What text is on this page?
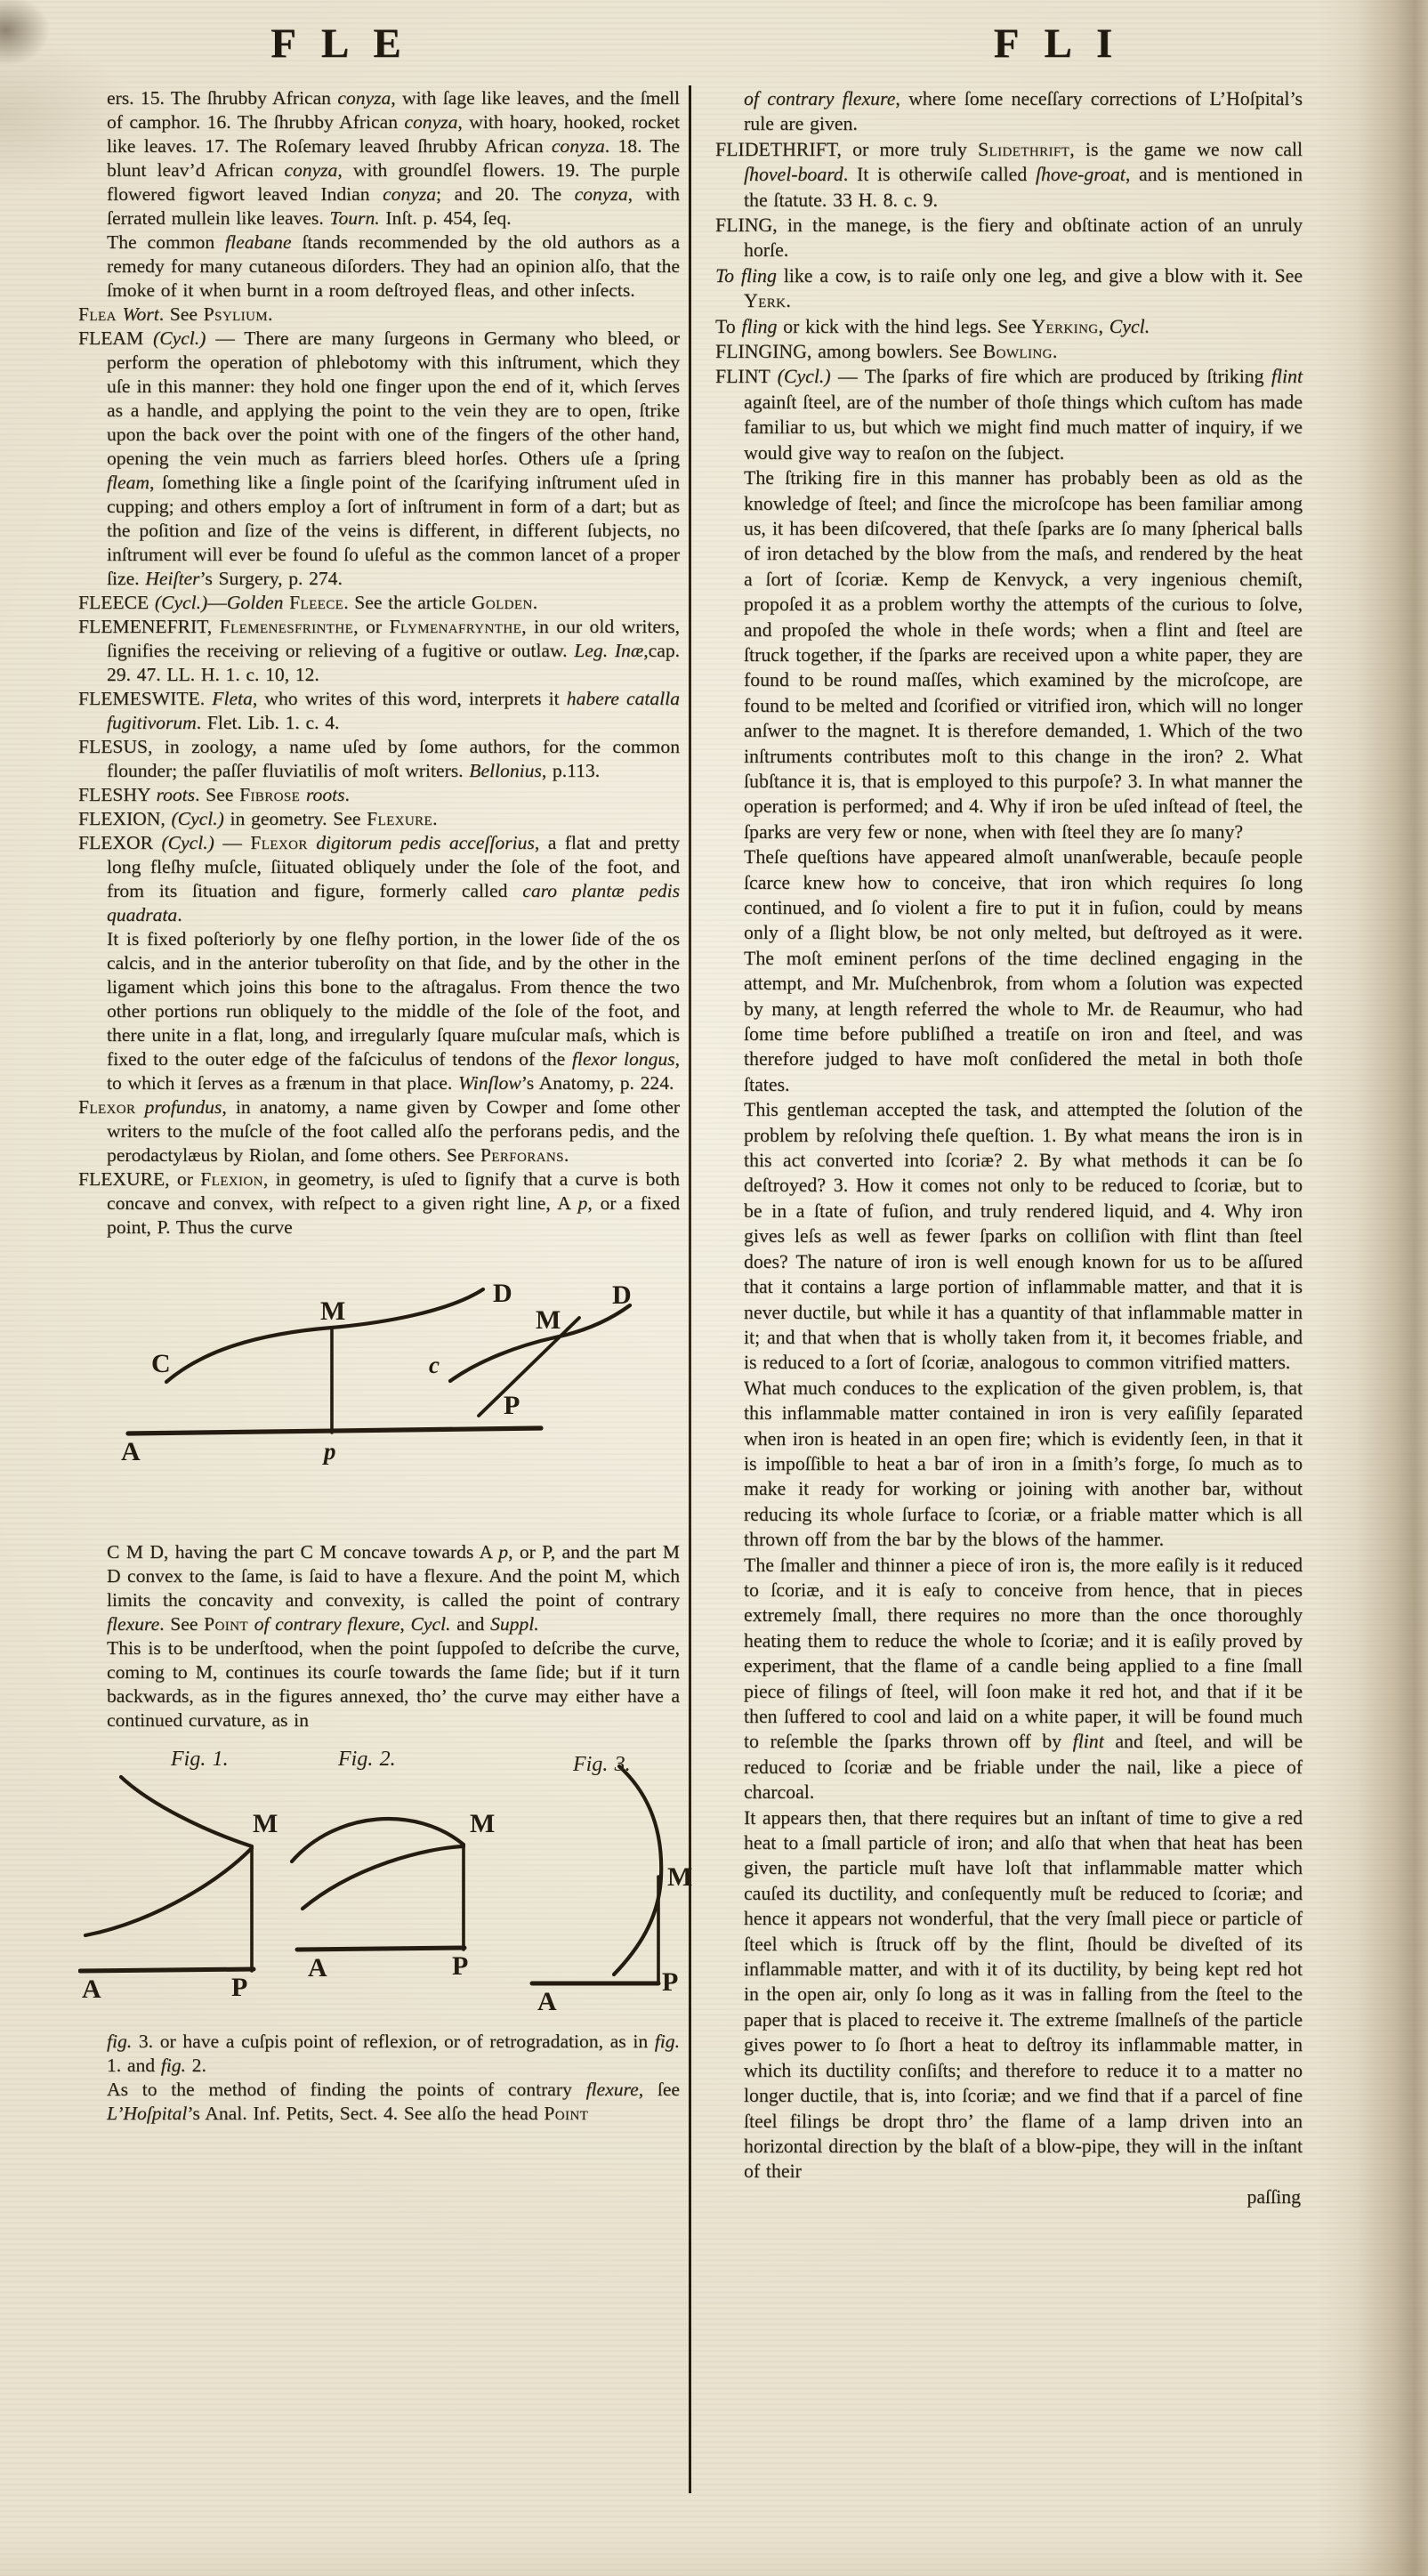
F L E	F L I

ers. 15. The ſhrubby African conyza, with ſage like leaves, and the ſmell of camphor. 16. The ſhrubby African conyza, with hoary, hooked, rocket like leaves. 17. The Roſemary leaved ſhrubby African conyza. 18. The blunt leav’d African conyza, with groundſel flowers. 19. The purple flowered figwort leaved Indian conyza; and 20. The conyza, with ſerrated mullein like leaves. Tourn. Inſt. p. 454, ſeq.

The common fleabane ſtands recommended by the old authors as a remedy for many cutaneous diſorders. They had an opinion alſo, that the ſmoke of it when burnt in a room deſtroyed fleas, and other inſects.

Flea Wort. See Psylium.

FLEAM (Cycl.) — There are many ſurgeons in Germany who bleed, or perform the operation of phlebotomy with this inſtrument, which they uſe in this manner: they hold one finger upon the end of it, which ſerves as a handle, and applying the point to the vein they are to open, ſtrike upon the back over the point with one of the fingers of the other hand, opening the vein much as farriers bleed horſes. Others uſe a ſpring fleam, ſomething like a ſingle point of the ſcarifying inſtrument uſed in cupping; and others employ a ſort of inſtrument in form of a dart; but as the poſition and ſize of the veins is different, in different ſubjects, no inſtrument will ever be found ſo uſeful as the common lancet of a proper ſize. Heiſter’s Surgery, p. 274.

FLEECE (Cycl.)—Golden Fleece. See the article Golden.

FLEMENEFRIT, Flemenesfrinthe, or Flymenafrynthe, in our old writers, ſignifies the receiving or relieving of a fugitive or outlaw. Leg. Inæ,cap. 29. 47. LL. H. 1. c. 10, 12.

FLEMESWITE. Fleta, who writes of this word, interprets it habere catalla fugitivorum. Flet. Lib. 1. c. 4.

FLESUS, in zoology, a name uſed by ſome authors, for the common flounder; the paſſer fluviatilis of moſt writers. Bellonius, p.113.

FLESHY roots. See Fibrose roots.

FLEXION, (Cycl.) in geometry. See Flexure.

FLEXOR (Cycl.) — Flexor digitorum pedis acceſſorius, a flat and pretty long fleſhy muſcle, ſiituated obliquely under the ſole of the foot, and from its ſituation and figure, formerly called caro plantæ pedis quadrata.

It is fixed poſteriorly by one fleſhy portion, in the lower ſide of the os calcis, and in the anterior tuberoſity on that ſide, and by the other in the ligament which joins this bone to the aſtragalus. From thence the two other portions run obliquely to the middle of the ſole of the foot, and there unite in a flat, long, and irregularly ſquare muſcular maſs, which is fixed to the outer edge of the faſciculus of tendons of the flexor longus, to which it ſerves as a frænum in that place. Winſlow’s Anatomy, p. 224.

Flexor profundus, in anatomy, a name given by Cowper and ſome other writers to the muſcle of the foot called alſo the perforans pedis, and the perodactylæus by Riolan, and ſome others. See Perforans.

FLEXURE, or Flexion, in geometry, is uſed to ſignify that a curve is both concave and convex, with reſpect to a given right line, A p, or a fixed point, P. Thus the curve

C
M
D
A	p
c
M
D
P

C M D, having the part C M concave towards A p, or P, and the part M D convex to the ſame, is ſaid to have a flexure. And the point M, which limits the concavity and convexity, is called the point of contrary flexure. See Point of contrary flexure, Cycl. and Suppl.

This is to be underſtood, when the point ſuppoſed to deſcribe the curve, coming to M, continues its courſe towards the ſame ſide; but if it turn backwards, as in the figures annexed, tho’ the curve may either have a continued curvature, as in

Fig. 1.	Fig. 2.	Fig. 3.
M
A	P
M
A	P
M
A
P

fig. 3. or have a cuſpis point of reflexion, or of retrogradation, as in fig. 1. and fig. 2.

As to the method of finding the points of contrary flexure, ſee L’Hoſpital’s Anal. Inf. Petits, Sect. 4. See alſo the head Point

of contrary flexure, where ſome neceſſary corrections of L’Hoſpital’s rule are given.

FLIDETHRIFT, or more truly Slidethrift, is the game we now call ſhovel-board. It is otherwiſe called ſhove-groat, and is mentioned in the ſtatute. 33 H. 8. c. 9.

FLING, in the manege, is the fiery and obſtinate action of an unruly horſe.

To fling like a cow, is to raiſe only one leg, and give a blow with it. See Yerk.

To fling or kick with the hind legs. See Yerking, Cycl.

FLINGING, among bowlers. See Bowling.

FLINT (Cycl.) — The ſparks of fire which are produced by ſtriking flint againſt ſteel, are of the number of thoſe things which cuſtom has made familiar to us, but which we might find much matter of inquiry, if we would give way to reaſon on the ſubject.

The ſtriking fire in this manner has probably been as old as the knowledge of ſteel; and ſince the microſcope has been familiar among us, it has been diſcovered, that theſe ſparks are ſo many ſpherical balls of iron detached by the blow from the maſs, and rendered by the heat a ſort of ſcoriæ. Kemp de Kenvyck, a very ingenious chemiſt, propoſed it as a problem worthy the attempts of the curious to ſolve, and propoſed the whole in theſe words; when a flint and ſteel are ſtruck together, if the ſparks are received upon a white paper, they are found to be round maſſes, which examined by the microſcope, are found to be melted and ſcorified or vitrified iron, which will no longer anſwer to the magnet. It is therefore demanded, 1. Which of the two inſtruments contributes moſt to this change in the iron? 2. What ſubſtance it is, that is employed to this purpoſe? 3. In what manner the operation is performed; and 4. Why if iron be uſed inſtead of ſteel, the ſparks are very few or none, when with ſteel they are ſo many?

Theſe queſtions have appeared almoſt unanſwerable, becauſe people ſcarce knew how to conceive, that iron which requires ſo long continued, and ſo violent a fire to put it in fuſion, could by means only of a ſlight blow, be not only melted, but deſtroyed as it were. The moſt eminent perſons of the time declined engaging in the attempt, and Mr. Muſchenbrok, from whom a ſolution was expected by many, at length referred the whole to Mr. de Reaumur, who had ſome time before publiſhed a treatiſe on iron and ſteel, and was therefore judged to have moſt conſidered the metal in both thoſe ſtates.

This gentleman accepted the task, and attempted the ſolution of the problem by reſolving theſe queſtion. 1. By what means the iron is in this act converted into ſcoriæ? 2. By what methods it can be ſo deſtroyed? 3. How it comes not only to be reduced to ſcoriæ, but to be in a ſtate of fuſion, and truly rendered liquid, and 4. Why iron gives leſs as well as fewer ſparks on colliſion with flint than ſteel does? The nature of iron is well enough known for us to be aſſured that it contains a large portion of inflammable matter, and that it is never ductile, but while it has a quantity of that inflammable matter in it; and that when that is wholly taken from it, it becomes friable, and is reduced to a ſort of ſcoriæ, analogous to common vitrified matters.

What much conduces to the explication of the given problem, is, that this inflammable matter contained in iron is very eaſiſily ſeparated when iron is heated in an open fire; which is evidently ſeen, in that it is impoſſible to heat a bar of iron in a ſmith’s forge, ſo much as to make it ready for working or joining with another bar, without reducing its whole ſurface to ſcoriæ, or a friable matter which is all thrown off from the bar by the blows of the hammer.

The ſmaller and thinner a piece of iron is, the more eaſily is it reduced to ſcoriæ, and it is eaſy to conceive from hence, that in pieces extremely ſmall, there requires no more than the once thoroughly heating them to reduce the whole to ſcoriæ; and it is eaſily proved by experiment, that the flame of a candle being applied to a fine ſmall piece of filings of ſteel, will ſoon make it red hot, and that if it be then ſuffered to cool and laid on a white paper, it will be found much to reſemble the ſparks thrown off by flint and ſteel, and will be reduced to ſcoriæ and be friable under the nail, like a piece of charcoal.

It appears then, that there requires but an inſtant of time to give a red heat to a ſmall particle of iron; and alſo that when that heat has been given, the particle muſt have loſt that inflammable matter which cauſed its ductility, and conſequently muſt be reduced to ſcoriæ; and hence it appears not wonderful, that the very ſmall piece or particle of ſteel which is ſtruck off by the flint, ſhould be diveſted of its inflammable matter, and with it of its ductility, by being kept red hot in the open air, only ſo long as it was in falling from the ſteel to the paper that is placed to receive it. The extreme ſmallneſs of the particle gives power to ſo ſhort a heat to deſtroy its inflammable matter, in which its ductility conſiſts; and therefore to reduce it to a matter no longer ductile, that is, into ſcoriæ; and we find that if a parcel of fine ſteel filings be dropt thro’ the flame of a lamp driven into an horizontal direction by the blaſt of a blow-pipe, they will in the inſtant of their

paſſing
